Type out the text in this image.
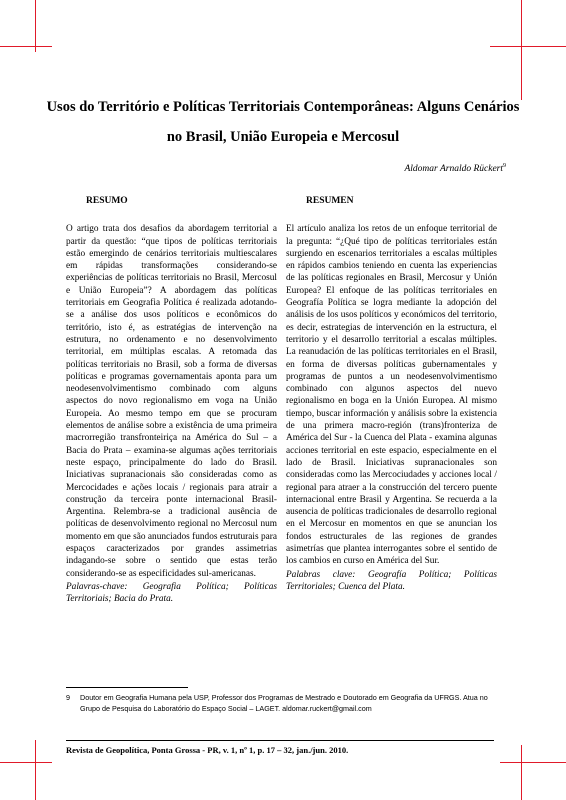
Usos do Território e Políticas Territoriais Contemporâneas: Alguns Cenários no Brasil, União Europeia e Mercosul
Aldomar Arnaldo Rückert$^9$
RESUMO

O artigo trata dos desafios da abordagem territorial a partir da questão: “que tipos de políticas territoriais estão emergindo de cenários territoriais multiescalares em rápidas transformações considerando-se experiências de políticas territoriais no Brasil, Mercosul e União Europeia”? A abordagem das políticas territoriais em Geografia Política é realizada adotando-se a análise dos usos políticos e econômicos do território, isto é, as estratégias de intervenção na estrutura, no ordenamento e no desenvolvimento territorial, em múltiplas escalas. A retomada das políticas territoriais no Brasil, sob a forma de diversas políticas e programas governamentais aponta para um neodesenvolvimentismo combinado com alguns aspectos do novo regionalismo em voga na União Europeia. Ao mesmo tempo em que se procuram elementos de análise sobre a existência de uma primeira macrorregião transfronteiriça na América do Sul – a Bacia do Prata – examina-se algumas ações territoriais neste espaço, principalmente do lado do Brasil. Iniciativas supranacionais são consideradas como as Mercocidades e ações locais / regionais para atrair a construção da terceira ponte internacional Brasil-Argentina. Relembra-se a tradicional ausência de políticas de desenvolvimento regional no Mercosul num momento em que são anunciados fundos estruturais para espaços caracterizados por grandes assimetrias indagando-se sobre o sentido que estas terão considerando-se as especificidades sul-americanas.

Palavras-chave: Geografia Política; Políticas Territoriais; Bacia do Prata.

RESUMEN

El artículo analiza los retos de un enfoque territorial de la pregunta: “¿Qué tipo de políticas territoriales están surgiendo en escenarios territoriales a escalas múltiples en rápidos cambios teniendo en cuenta las experiencias de las políticas regionales en Brasil, Mercosur y Unión Europea? El enfoque de las políticas territoriales en Geografía Política se logra mediante la adopción del análisis de los usos políticos y económicos del territorio, es decir, estrategias de intervención en la estructura, el territorio y el desarrollo territorial a escalas múltiples. La reanudación de las políticas territoriales en el Brasil, en forma de diversas políticas gubernamentales y programas de puntos a un neodesenvolvimentismo combinado con algunos aspectos del nuevo regionalismo en boga en la Unión Europea. Al mismo tiempo, buscar información y análisis sobre la existencia de una primera macro-región (trans)fronteriza de América del Sur - la Cuenca del Plata - examina algunas acciones territorial en este espacio, especialmente en el lado de Brasil. Iniciativas supranacionales son consideradas como las Mercociudades y acciones local / regional para atraer a la construcción del tercero puente internacional entre Brasil y Argentina. Se recuerda a la ausencia de políticas tradicionales de desarrollo regional en el Mercosur en momentos en que se anuncian los fondos estructurales de las regiones de grandes asimetrías que plantea interrogantes sobre el sentido de los cambios en curso en América del Sur.

Palabras clave: Geografía Política; Políticas Territoriales; Cuenca del Plata.

9 Doutor em Geografia Humana pela USP, Professor dos Programas de Mestrado e Doutorado em Geografia da UFRGS. Atua no Grupo de Pesquisa do Laboratório do Espaço Social – LAGET. aldomar.ruckert@gmail.com
Revista de Geopolítica, Ponta Grossa - PR, v. 1, nº 1, p. 17 – 32, jan./jun. 2010.
